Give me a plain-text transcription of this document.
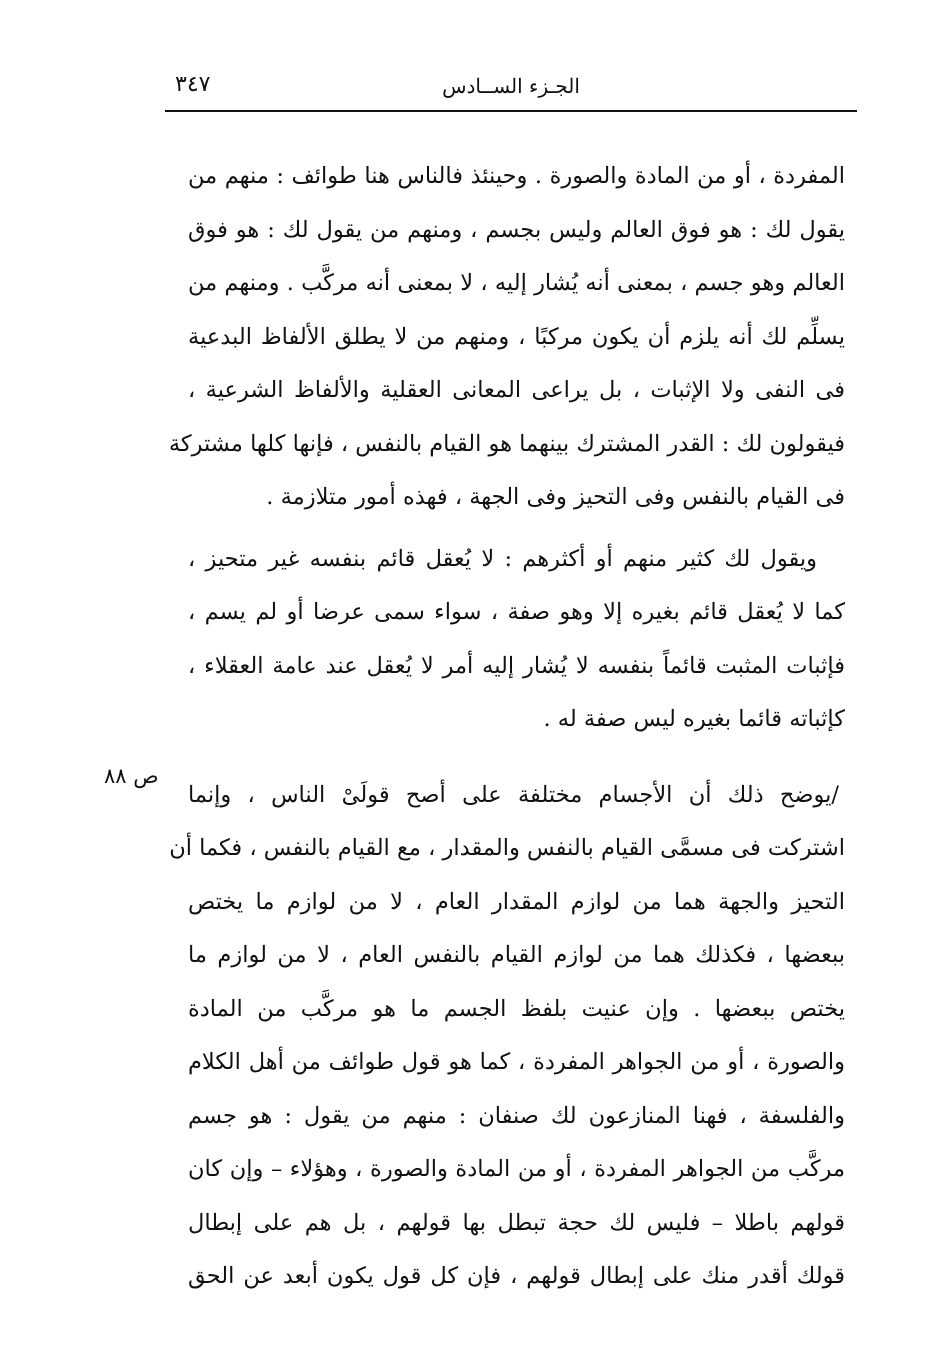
٣٤٧	الجـزء الســادس
ص ٨٨
المفردة ، أو من المادة والصورة . وحينئذ فالناس هنا طوائف : منهم من
يقول لك : هو فوق العالم وليس بجسم ، ومنهم من يقول لك : هو فوق
العالم وهو جسم ، بمعنى أنه يُشار إليه ، لا بمعنى أنه مركَّب . ومنهم من
يسلِّم لك أنه يلزم أن يكون مركبًا ، ومنهم من لا يطلق الألفاظ البدعية
فى النفى ولا الإثبات ، بل يراعى المعانى العقلية والألفاظ الشرعية ،
فيقولون لك : القدر المشترك بينهما هو القيام بالنفس ، فإنها كلها مشتركة
فى القيام بالنفس وفى التحيز وفى الجهة ، فهذه أمور متلازمة .
ويقول لك كثير منهم أو أكثرهم : لا يُعقل قائم بنفسه غير متحيز ،
كما لا يُعقل قائم بغيره إلا وهو صفة ، سواء سمى عرضا أو لم يسم ،
فإثبات المثبت قائماً بنفسه لا يُشار إليه أمر لا يُعقل عند عامة العقلاء ،
كإثباته قائما بغيره ليس صفة له .
/يوضح ذلك أن الأجسام مختلفة على أصح قولَىْ الناس ، وإنما
اشتركت فى مسمَّى القيام بالنفس والمقدار ، مع القيام بالنفس ، فكما أن
التحيز والجهة هما من لوازم المقدار العام ، لا من لوازم ما يختص
ببعضها ، فكذلك هما من لوازم القيام بالنفس العام ، لا من لوازم ما
يختص ببعضها . وإن عنيت بلفظ الجسم ما هو مركَّب من المادة
والصورة ، أو من الجواهر المفردة ، كما هو قول طوائف من أهل الكلام
والفلسفة ، فهنا المنازعون لك صنفان : منهم من يقول : هو جسم
مركَّب من الجواهر المفردة ، أو من المادة والصورة ، وهؤلاء – وإن كان
قولهم باطلا – فليس لك حجة تبطل بها قولهم ، بل هم على إبطال
قولك أقدر منك على إبطال قولهم ، فإن كل قول يكون أبعد عن الحق
